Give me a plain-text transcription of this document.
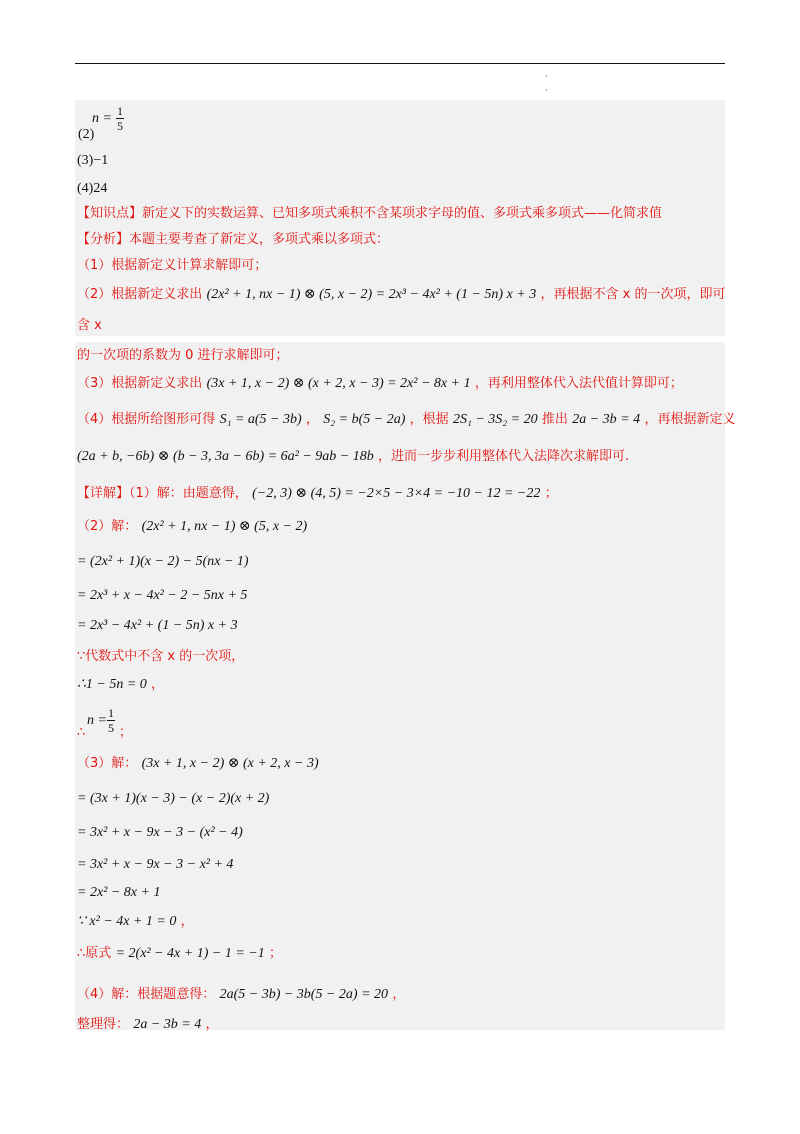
·
·
(2)
$n = \frac{1}{5}$
(3)−1
(4)24
【知识点】新定义下的实数运算、已知多项式乘积不含某项求字母的值、多项式乘多项式——化简求值
【分析】本题主要考查了新定义，多项式乘以多项式：
（1）根据新定义计算求解即可；
（2）根据新定义求出 (2x² + 1, nx − 1) ⊗ (5, x − 2) = 2x³ − 4x² + (1 − 5n) x + 3 ，再根据不含 x 的一次项，即可
含 x
的一次项的系数为 0 进行求解即可；
（3）根据新定义求出 (3x + 1, x − 2) ⊗ (x + 2, x − 3) = 2x² − 8x + 1 ，再利用整体代入法代值计算即可；
（4）根据所给图形可得 S₁ = a(5 − 3b) ， S₂ = b(5 − 2a) ，根据 2S₁ − 3S₂ = 20 推出 2a − 3b = 4 ，再根据新定义
(2a + b, −6b) ⊗ (b − 3, 3a − 6b) = 6a² − 9ab − 18b ，进而一步步利用整体代入法降次求解即可.
【详解】（1）解：由题意得， (−2, 3) ⊗ (4, 5) = −2×5 − 3×4 = −10 − 12 = −22 ；
（2）解： (2x² + 1, nx − 1) ⊗ (5, x − 2)
= (2x² + 1)(x − 2) − 5(nx − 1)
= 2x³ + x − 4x² − 2 − 5nx + 5
= 2x³ − 4x² + (1 − 5n) x + 3
∵代数式中不含 x 的一次项，
∴1 − 5n = 0 ，
∴
$n = \frac{1}{5}$ ；
（3）解： (3x + 1, x − 2) ⊗ (x + 2, x − 3)
= (3x + 1)(x − 3) − (x − 2)(x + 2)
= 3x² + x − 9x − 3 − (x² − 4)
= 3x² + x − 9x − 3 − x² + 4
= 2x² − 8x + 1
∵ x² − 4x + 1 = 0 ，
∴原式 = 2(x² − 4x + 1) − 1 = −1 ；
（4）解：根据题意得： 2a(5 − 3b) − 3b(5 − 2a) = 20 ，
整理得： 2a − 3b = 4 ，
